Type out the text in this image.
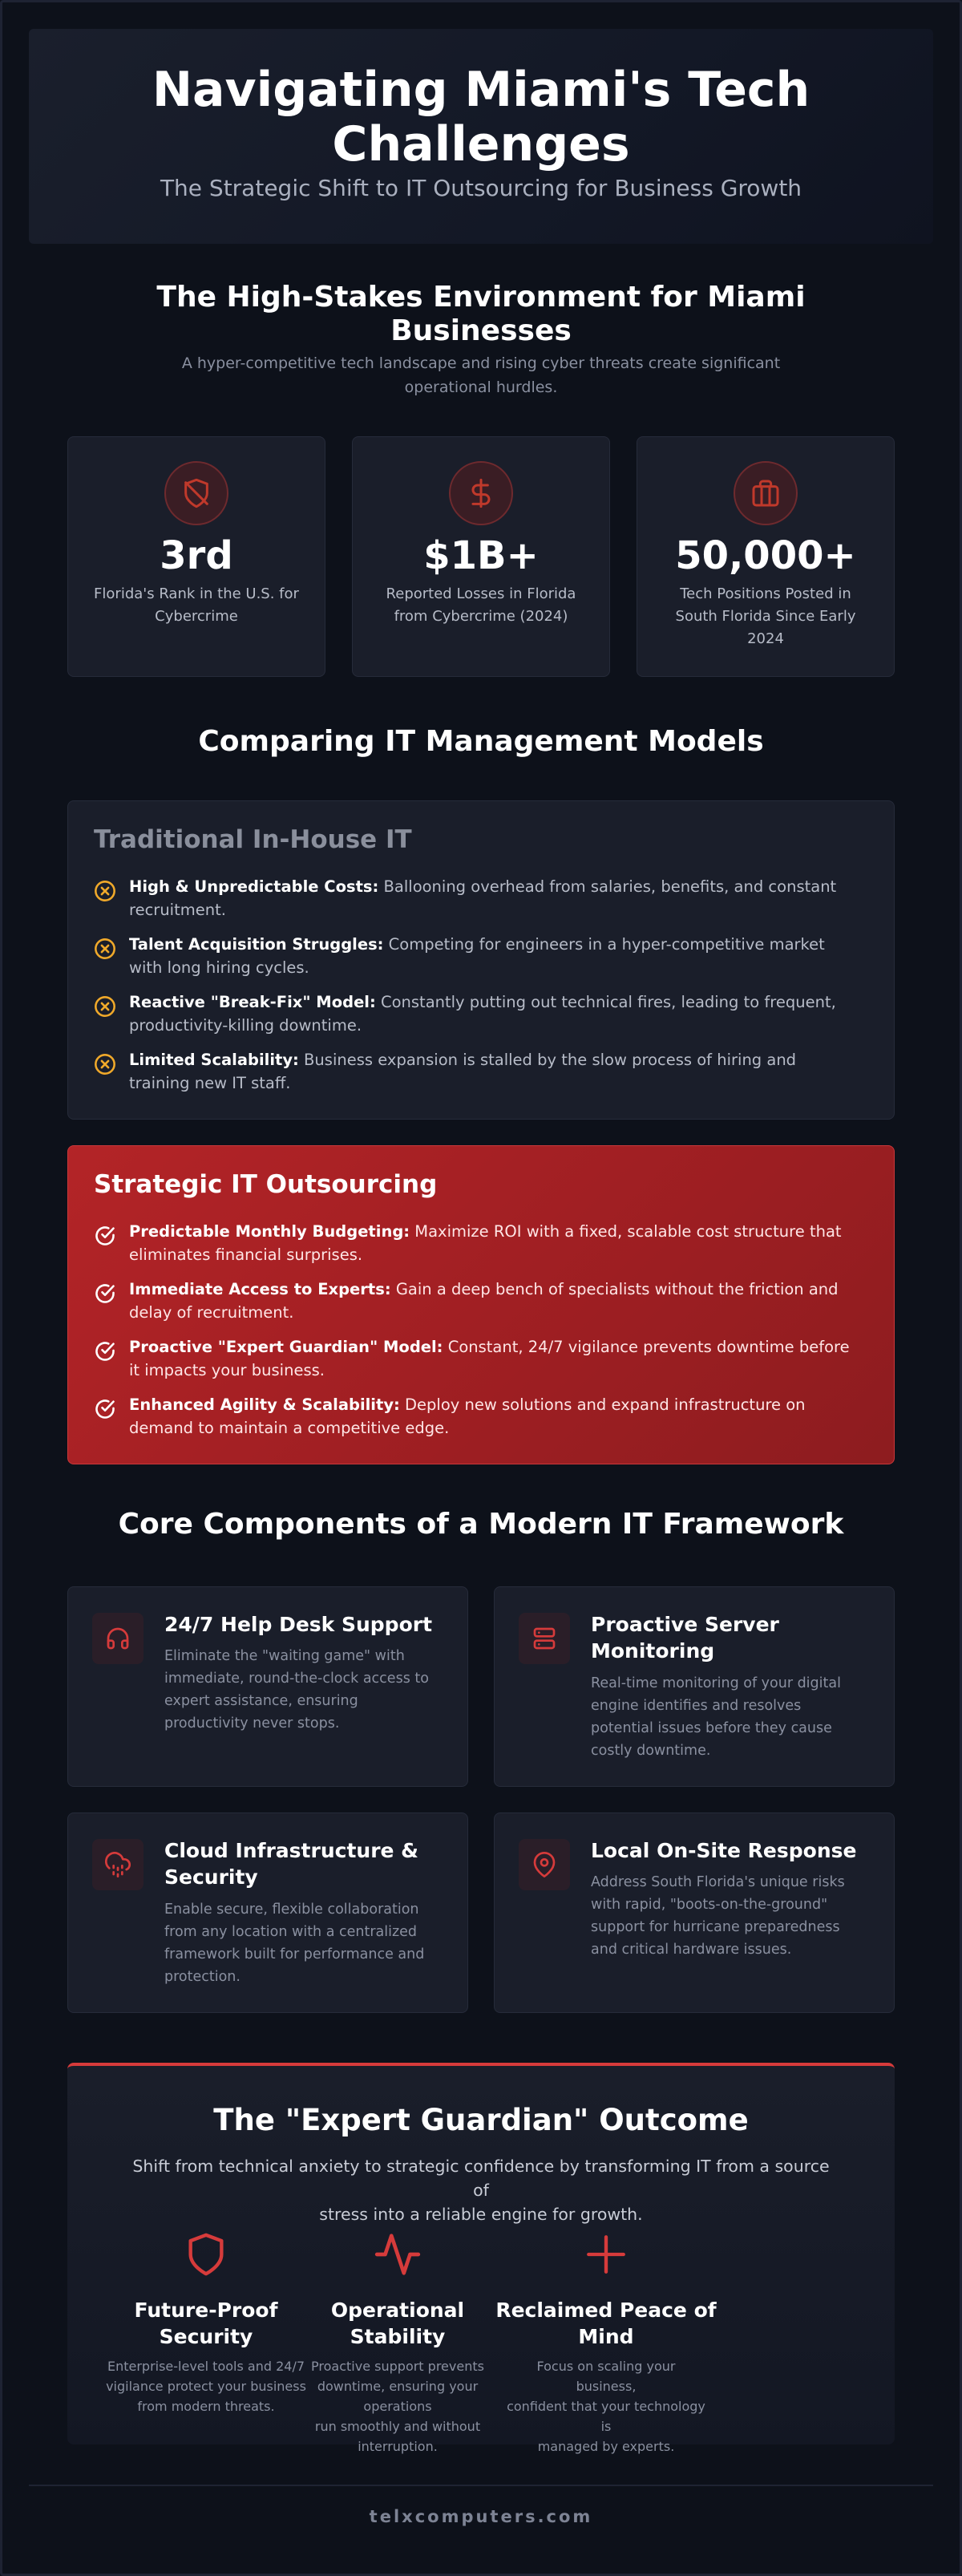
Navigating Miami's Tech
Challenges
The Strategic Shift to IT Outsourcing for Business Growth
The High-Stakes Environment for Miami
Businesses
A hyper-competitive tech landscape and rising cyber threats create significant
operational hurdles.
3rd
Florida's Rank in the U.S. for
Cybercrime
$1B+
Reported Losses in Florida
from Cybercrime (2024)
50,000+
Tech Positions Posted in
South Florida Since Early
2024
Comparing IT Management Models
Traditional In-House IT
High & Unpredictable Costs: Ballooning overhead from salaries, benefits, and constant
recruitment.
Talent Acquisition Struggles: Competing for engineers in a hyper-competitive market
with long hiring cycles.
Reactive "Break-Fix" Model: Constantly putting out technical fires, leading to frequent,
productivity-killing downtime.
Limited Scalability: Business expansion is stalled by the slow process of hiring and
training new IT staff.
Strategic IT Outsourcing
Predictable Monthly Budgeting: Maximize ROI with a fixed, scalable cost structure that
eliminates financial surprises.
Immediate Access to Experts: Gain a deep bench of specialists without the friction and
delay of recruitment.
Proactive "Expert Guardian" Model: Constant, 24/7 vigilance prevents downtime before
it impacts your business.
Enhanced Agility & Scalability: Deploy new solutions and expand infrastructure on
demand to maintain a competitive edge.
Core Components of a Modern IT Framework
24/7 Help Desk Support
Eliminate the "waiting game" with
immediate, round-the-clock access to
expert assistance, ensuring
productivity never stops.
Proactive Server
Monitoring
Real-time monitoring of your digital
engine identifies and resolves
potential issues before they cause
costly downtime.
Cloud Infrastructure &
Security
Enable secure, flexible collaboration
from any location with a centralized
framework built for performance and
protection.
Local On-Site Response
Address South Florida's unique risks
with rapid, "boots-on-the-ground"
support for hurricane preparedness
and critical hardware issues.
The "Expert Guardian" Outcome
Shift from technical anxiety to strategic confidence by transforming IT from a source of
stress into a reliable engine for growth.
Future-Proof
Security
Enterprise-level tools and 24/7
vigilance protect your business
from modern threats.
Operational Stability
Proactive support prevents
downtime, ensuring your operations
run smoothly and without
interruption.
Reclaimed Peace of
Mind
Focus on scaling your business,
confident that your technology is
managed by experts.
telxcomputers.com
